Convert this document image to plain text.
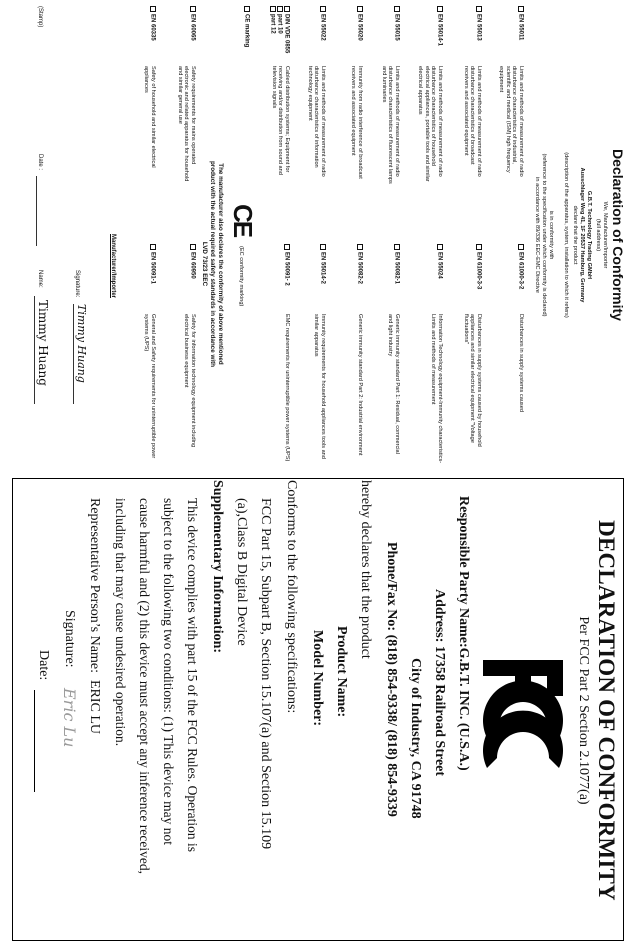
Declaration of Conformity
We, Manufacturer/Importer
(full address)
G.B.T. Technology Trading GMbH
Ausschlager Weg 41, 1F 20537 Hamburg, Germany
declare that the product
(description of the apparatus, system, installation to which it refers)
is in conformity with
(reference to the specification under which conformity is declared)
in accordance with 89/336 EEC-EMC Directive
EN 55011
Limits and methods of measurement of radio disturbance characteristics of industrial, scientific and medical (ISM) high frequency equipment
EN 55013
Limits and methods of measurement of radio disturbance characteristics of broadcast receivers and associated equipment
EN 55014-1
Limits and methods of measurement of radio disturbance characteristics of household electrical appliances, portable tools and similar electrical apparatus
EN 55015
Limits and methods of measurement of radio disturbance characteristics of fluorescent lamps and luminaries
EN 55020
Immunity from radio interference of broadcast receivers and associated equipment
EN 55022
Limits and methods of measurement of radio disturbance characteristics of information technology equipment
DIN VDE 0855
part 10
part 12
Cabled distribution systems; Equipment for receiving and/or distribution from sound and television signals
EN 61000-3-2
Disturbances in supply systems caused
EN 61000-3-3
Disturbances in supply systems caused by household appliances and similar electrical equipment "Voltage fluctuations"
EN 55024
Information Technology equipment-Immunity characteristics-Limits and methods of measurement
EN 50082-1
Generic immunity standard Part 1: Residual, commercial and light industry
EN 50082-2
Generic immunity standard Part 2: Industrial environment
EN 55014-2
Immunity requirements for household appliances tools and similar apparatus
EN 50091- 2
EMC requirements for uninterruptible power systems (UPS)
CE marking
CE
(EC conformity marking)
The manufacturer also declares the conformity of above mentioned product with the actual required safety standards in accordance with LVD 73/23 EEC
EN 60065
Safety requirements for mains operated electronic and related apparatus for household and similar general use
EN 60950
Safety for information technology equipment including electrical business equipment
EN 60335
Safety of household and similar electrical appliances
EN 50091-1
General and Safety requirements for uninterruptible power systems (UPS)
Manufacturer/Importer
Signature:
Timmy Huang
(Stamp)
Date :
Name:
Timmy Huang
DECLARATION OF CONFORMITY
Per FCC Part 2 Section 2.1077(a)
Responsible Party Name:G.B.T. INC. (U.S.A.)
Address: 17358 Railroad Street
City of Industry, CA 91748
Phone/Fax No: (818) 854-9338/ (818) 854-9339
hereby declares that the product
Product Name:
Model Number:
Conforms to the following specifications:
FCC Part 15, Subpart B, Section 15.107(a) and Section 15.109
(a),Class B Digital Device
Supplementary Information:
This device complies with part 15 of the FCC Rules. Operation is
subject to the following two conditions: (1) This device may not
cause harmful and (2) this device must accept any inference received,
including that may cause undesired operation.
Representative Person’s Name:  ERIC LU
Signature:
Eric Lu
Date:
